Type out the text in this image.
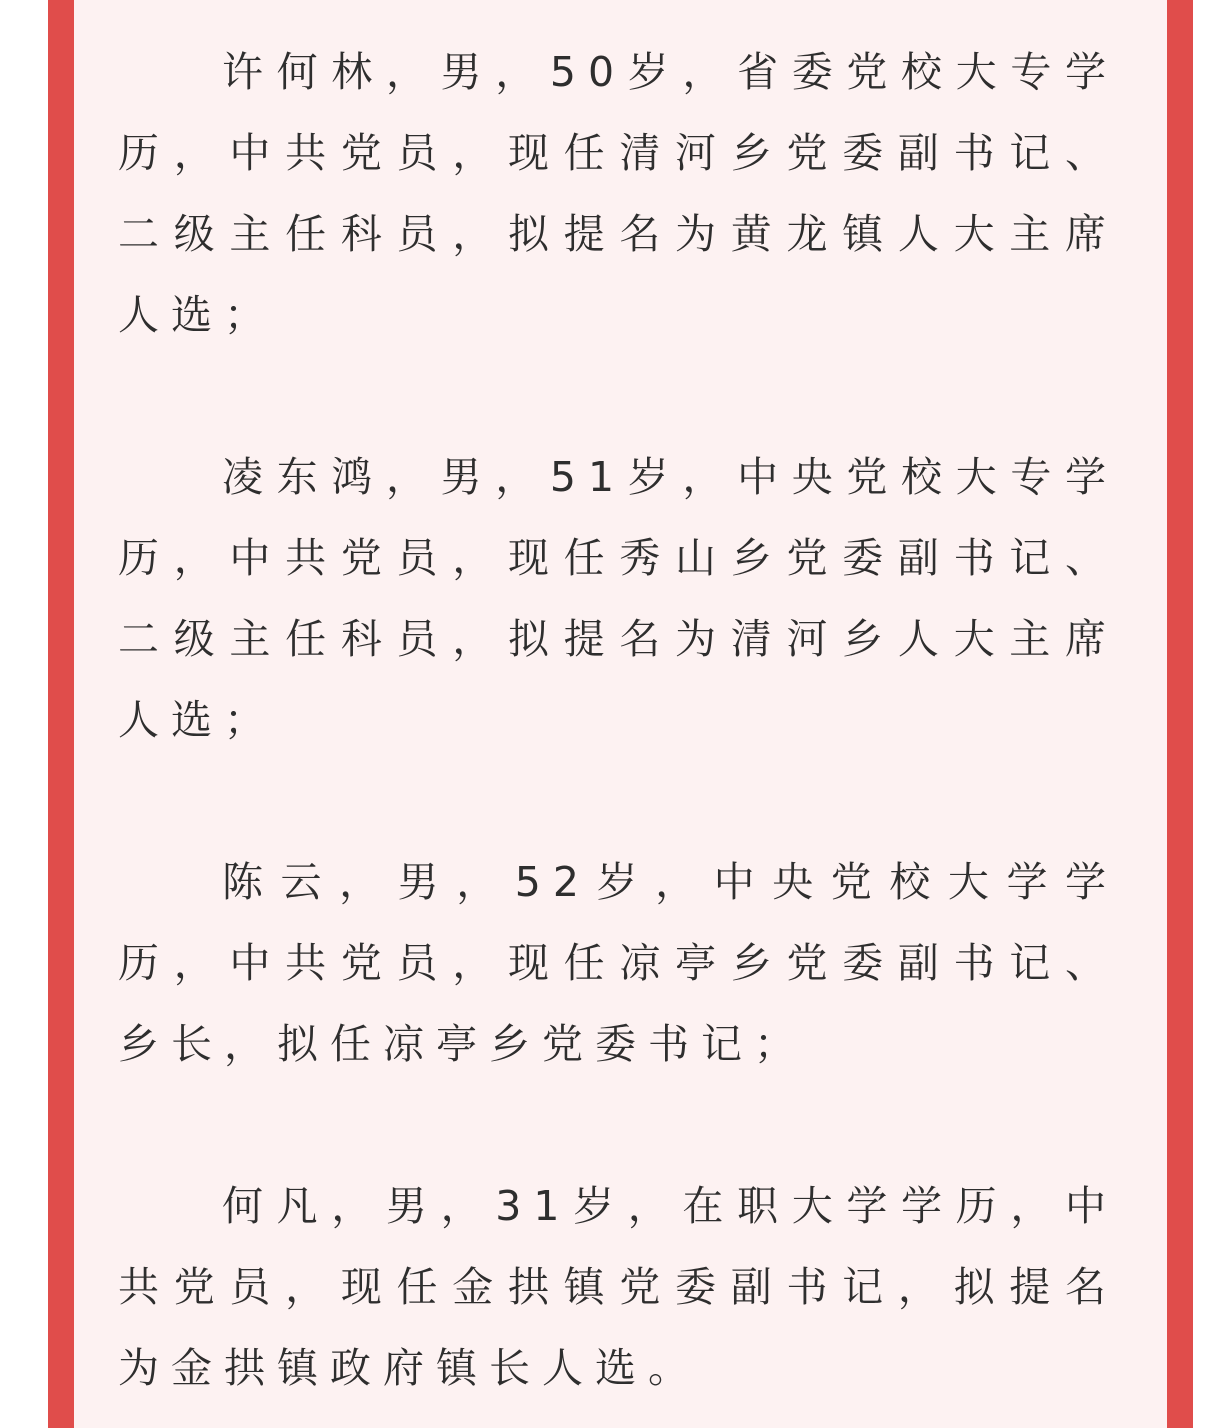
许何林，男，50岁，省委党校大专学历，中共党员，现任清河乡党委副书记、二级主任科员，拟提名为黄龙镇人大主席人选；

凌东鸿，男，51岁，中央党校大专学历，中共党员，现任秀山乡党委副书记、二级主任科员，拟提名为清河乡人大主席人选；

陈云，男，52岁，中央党校大学学历，中共党员，现任凉亭乡党委副书记、乡长，拟任凉亭乡党委书记；

何凡，男，31岁，在职大学学历，中共党员，现任金拱镇党委副书记，拟提名为金拱镇政府镇长人选。
